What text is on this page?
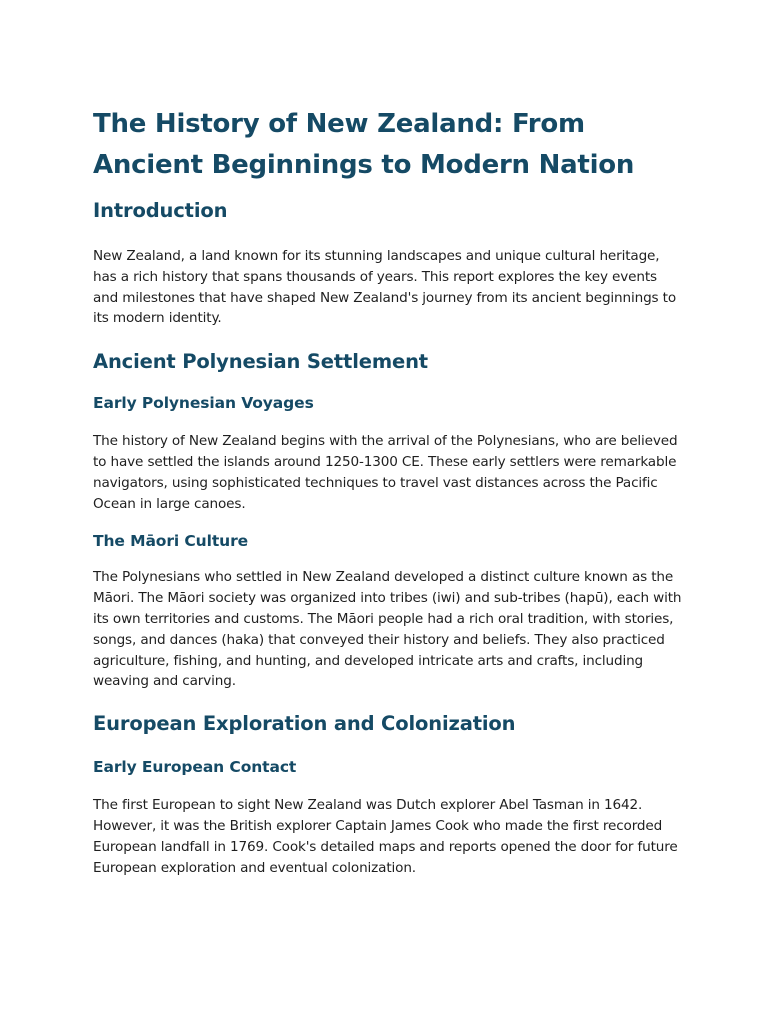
The History of New Zealand: From Ancient Beginnings to Modern Nation
Introduction

New Zealand, a land known for its stunning landscapes and unique cultural heritage, has a rich history that spans thousands of years. This report explores the key events and milestones that have shaped New Zealand's journey from its ancient beginnings to its modern identity.

Ancient Polynesian Settlement
Early Polynesian Voyages

The history of New Zealand begins with the arrival of the Polynesians, who are believed to have settled the islands around 1250-1300 CE. These early settlers were remarkable navigators, using sophisticated techniques to travel vast distances across the Pacific Ocean in large canoes.

The Māori Culture

The Polynesians who settled in New Zealand developed a distinct culture known as the Māori. The Māori society was organized into tribes (iwi) and sub-tribes (hapū), each with its own territories and customs. The Māori people had a rich oral tradition, with stories, songs, and dances (haka) that conveyed their history and beliefs. They also practiced agriculture, fishing, and hunting, and developed intricate arts and crafts, including weaving and carving.

European Exploration and Colonization
Early European Contact

The first European to sight New Zealand was Dutch explorer Abel Tasman in 1642. However, it was the British explorer Captain James Cook who made the first recorded European landfall in 1769. Cook's detailed maps and reports opened the door for future European exploration and eventual colonization.
